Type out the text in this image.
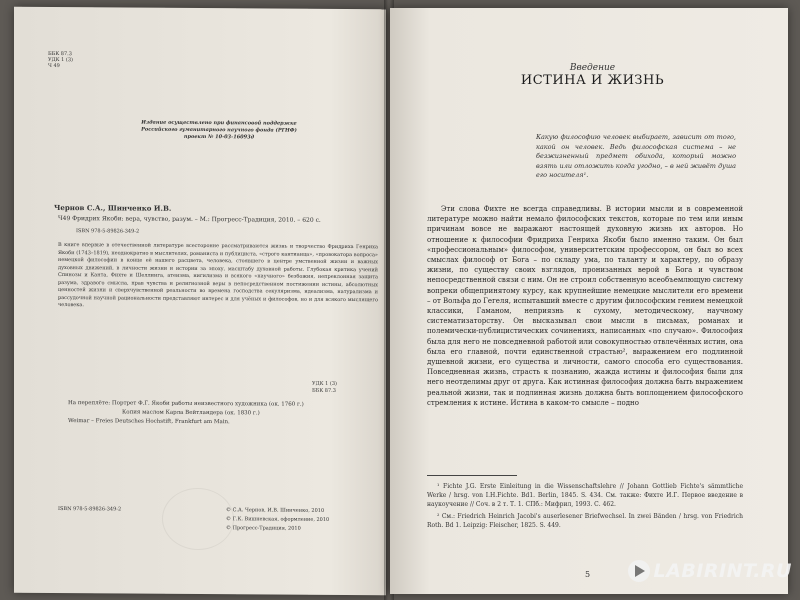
ББК 87.3
УДК 1 (3)
Ч 49

Издание осуществлено при финансовой поддержке Российского гуманитарного научного фонда (РГНФ) проект № 10-03-16093д

Чернов С.А., Шинченко И.В.

Ч49 Фридрих Якоби: вера, чувство, разум. – М.: Прогресс-Традиция, 2010. – 620 с.

ISBN 978-5-89826-349-2

В книге впервые в отечественной литературе всесторонне рассматриваются жизнь и творчество Фридриха Генриха Якоби (1743–1819), неоднократно в мыслителях, романиста и публициста, «строго кантианца», «провокатора вопроса» немецкой философии в конце её нашего расцвета, человека, стоявшего в центре умственной жизни и важных духовных движений, в личности жизни и истории за эпоху, масштабу духовной работы. Глубокая критика учений Спинозы и Канта, Фихте и Шеллинга, атеизма, нигилизма и всякого «научного» безбожия, непреклонная защита разума, здравого смысла, прав чувства и религиозной веры в непосредственном постижении истины, абсолютных ценностей жизни и сверхчувственной реальности во времена господства секуляризма, идеализма, натурализма и рассудочной научной рациональности представляют интерес и для учёных и философов, но и для всякого мыслящего человека.

УДК 1 (3)
ББК 87.3
На переплёте: Портрет Ф.Г. Якоби работы неизвестного художника (ок. 1760 г.)
Копия маслом Карла Вейтландера (ок. 1830 г.)
Weimar – Freies Deutsches Hochstift, Frankfurt am Main.

ISBN 978-5-89826-349-2	© С.А. Чернов, И.В. Шинченко, 2010
© Г.К. Вишневская, оформление, 2010
© Прогресс-Традиция, 2010

Введение

ИСТИНА И ЖИЗНЬ

Какую философию человек выбирает, зависит от того, какой он человек. Ведь философская система – не безжизненный предмет обихода, который можно взять или отложить когда угодно, – в ней живёт душа его носителя¹.

Эти слова Фихте не всегда справедливы. В истории мысли и в современной литературе можно найти немало философских текстов, которые по тем или иным причинам вовсе не выражают настоящей духовную жизнь их авторов. Но отношение к философии Фридриха Генриха Якоби было именно таким. Он был «профессиональным» философом, университетским профессором, он был во всех смыслах философ от Бога – по складу ума, по таланту и характеру, по образу жизни, по существу своих взглядов, пронизанных верой в Бога и чувством непосредственной связи с ним. Он не строил собственную всеобъемлющую систему вопреки общепринятому курсу, как крупнейшие немецкие мыслители его времени – от Вольфа до Гегеля, испытавший вместе с другим философским гением немецкой классики, Гаманом, неприязнь к сухому, методическому, научному систематизаторству. Он высказывал свои мысли в письмах, романах и полемически-публицистических сочинениях, написанных «по случаю». Философия была для него не повседневной работой или совокупностью отвлечённых истин, она была его главной, почти единственной страстью², выражением его подлинной душевной жизни, его существа и личности, самого способа его существования. Повседневная жизнь, страсть к познанию, жажда истины и философия были для него неотделимы друг от друга. Как истинная философия должна быть выражением реальной жизни, так и подлинная жизнь должна быть воплощением философского стремления к истине. Истина в каком-то смысле – подно

¹ Fichte J.G. Erste Einleitung in die Wissenschaftslehre // Johann Gottlieb Fichte's sämmtliche Werke / hrsg. von I.H.Fichte. Bd1. Berlin, 1845. S. 434. См. также: Фихте И.Г. Первое введение в наукоучение // Соч. в 2 т. Т. 1. СПб.: Мифрил, 1993. С. 462.

² См.: Friedrich Heinrich Jacobi's auserlesener Briefwechsel. In zwei Bänden / hrsg. von Friedrich Roth. Bd 1. Leipzig: Fleischer, 1825. S. 449.

5	LABIRINT.RU
